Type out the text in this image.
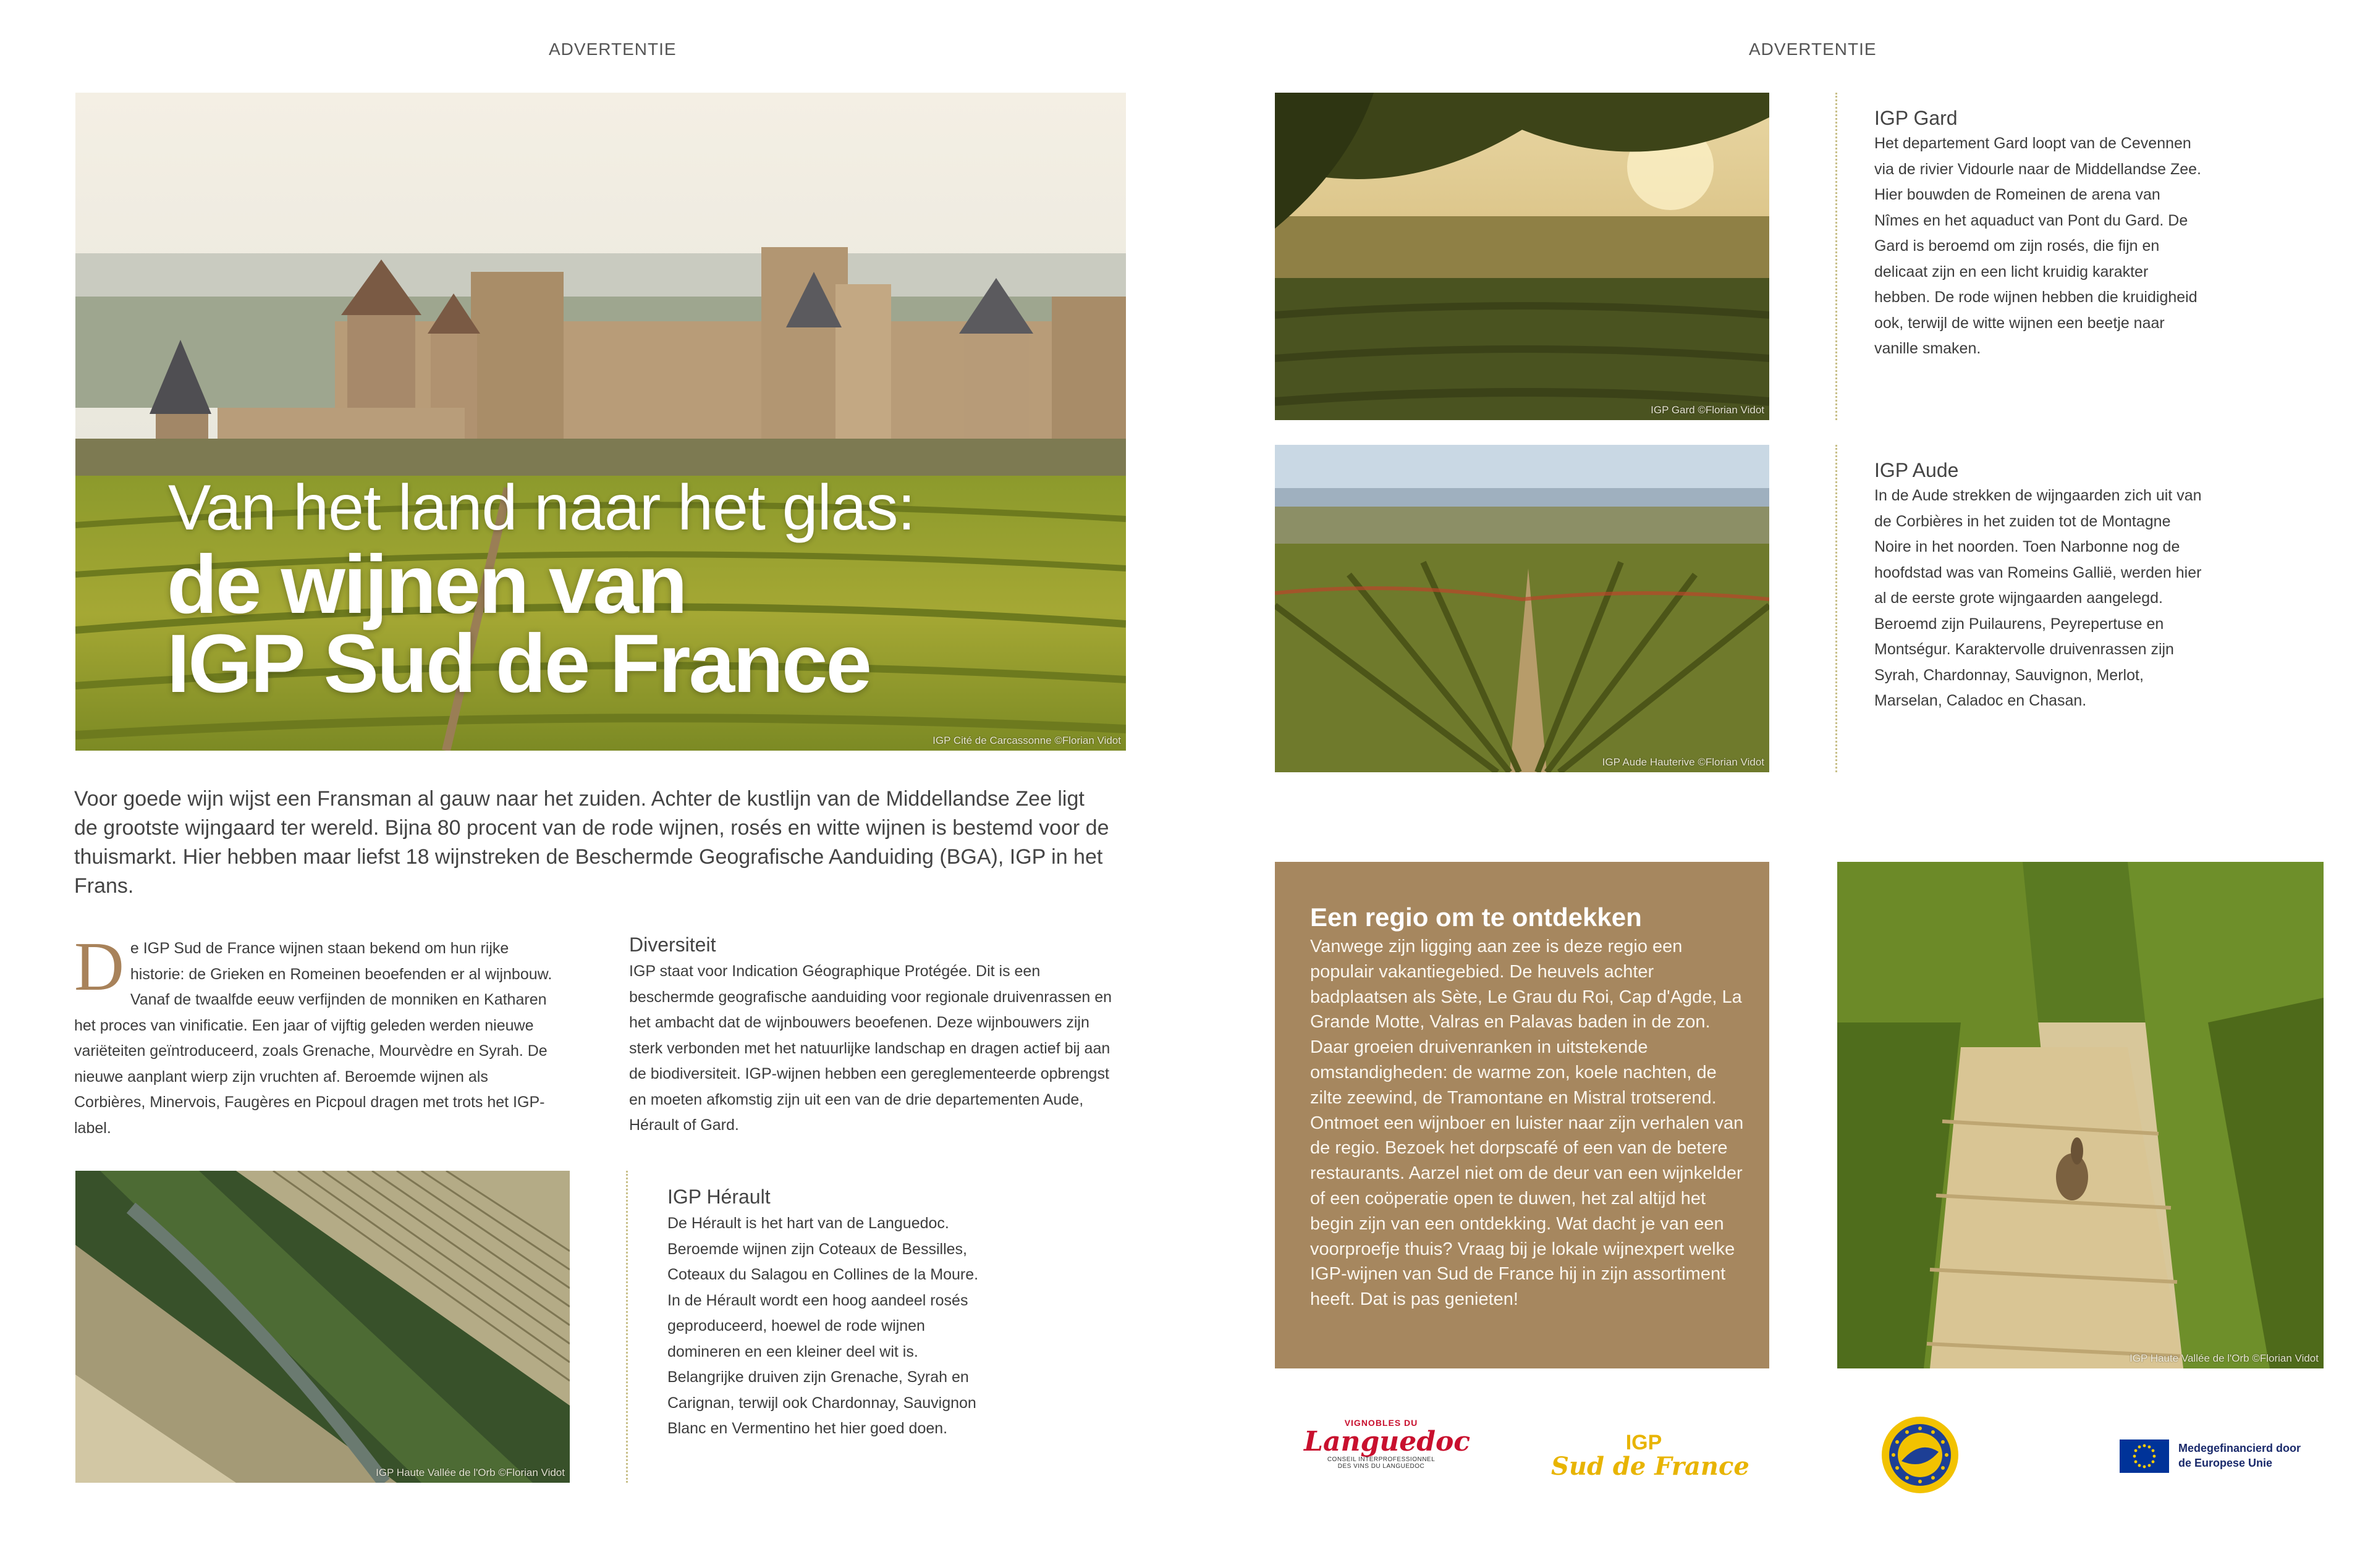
ADVERTENTIE	ADVERTENTIE
Van het land naar het glas:
de wijnen van
IGP Sud de France
IGP Cité de Carcassonne ©Florian Vidot
Voor goede wijn wijst een Fransman al gauw naar het zuiden. Achter de kustlijn van de Middellandse Zee ligt de grootste wijngaard ter wereld. Bijna 80 procent van de rode wijnen, rosés en witte wijnen is bestemd voor de thuismarkt. Hier hebben maar liefst 18 wijnstreken de Beschermde Geografische Aanduiding (BGA), IGP in het Frans.
De IGP Sud de France wijnen staan bekend om hun rijke historie: de Grieken en Romeinen beoefenden er al wijnbouw. Vanaf de twaalfde eeuw verfijnden de monniken en Katharen het proces van vinificatie. Een jaar of vijftig geleden werden nieuwe variëteiten geïntroduceerd, zoals Grenache, Mourvèdre en Syrah. De nieuwe aanplant wierp zijn vruchten af. Beroemde wijnen als Corbières, Minervois, Faugères en Picpoul dragen met trots het IGP-label.
Diversiteit
IGP staat voor Indication Géographique Protégée. Dit is een beschermde geografische aanduiding voor regionale druivenrassen en het ambacht dat de wijnbouwers beoefenen. Deze wijnbouwers zijn sterk verbonden met het natuurlijke landschap en dragen actief bij aan de biodiversiteit. IGP-wijnen hebben een gereglementeerde opbrengst en moeten afkomstig zijn uit een van de drie departementen Aude, Hérault of Gard.
IGP Haute Vallée de l'Orb ©Florian Vidot
IGP Hérault
De Hérault is het hart van de Languedoc. Beroemde wijnen zijn Coteaux de Bessilles, Coteaux du Salagou en Collines de la Moure. In de Hérault wordt een hoog aandeel rosés geproduceerd, hoewel de rode wijnen domineren en een kleiner deel wit is. Belangrijke druiven zijn Grenache, Syrah en Carignan, terwijl ook Chardonnay, Sauvignon Blanc en Vermentino het hier goed doen.
IGP Gard ©Florian Vidot
IGP Gard
Het departement Gard loopt van de Cevennen via de rivier Vidourle naar de Middellandse Zee. Hier bouwden de Romeinen de arena van Nîmes en het aquaduct van Pont du Gard. De Gard is beroemd om zijn rosés, die fijn en delicaat zijn en een licht kruidig karakter hebben. De rode wijnen hebben die kruidigheid ook, terwijl de witte wijnen een beetje naar vanille smaken.
IGP Aude Hauterive ©Florian Vidot
IGP Aude
In de Aude strekken de wijngaarden zich uit van de Corbières in het zuiden tot de Montagne Noire in het noorden. Toen Narbonne nog de hoofdstad was van Romeins Gallië, werden hier al de eerste grote wijngaarden aangelegd. Beroemd zijn Puilaurens, Peyrepertuse en Montségur. Karaktervolle druivenrassen zijn Syrah, Chardonnay, Sauvignon, Merlot, Marselan, Caladoc en Chasan.
Een regio om te ontdekken
Vanwege zijn ligging aan zee is deze regio een populair vakantiegebied. De heuvels achter badplaatsen als Sète, Le Grau du Roi, Cap d'Agde, La Grande Motte, Valras en Palavas baden in de zon. Daar groeien druivenranken in uitstekende omstandigheden: de warme zon, koele nachten, de zilte zeewind, de Tramontane en Mistral trotserend. Ontmoet een wijnboer en luister naar zijn verhalen van de regio. Bezoek het dorpscafé of een van de betere restaurants. Aarzel niet om de deur van een wijnkelder of een coöperatie open te duwen, het zal altijd het begin zijn van een ontdekking. Wat dacht je van een voorproefje thuis? Vraag bij je lokale wijnexpert welke IGP-wijnen van Sud de France hij in zijn assortiment heeft. Dat is pas genieten!
IGP Haute Vallée de l'Orb ©Florian Vidot
VIGNOBLES DU
Languedoc
CONSEIL INTERPROFESSIONNEL
DES VINS DU LANGUEDOC
IGP
Sud de France
Medegefinancierd door
de Europese Unie
